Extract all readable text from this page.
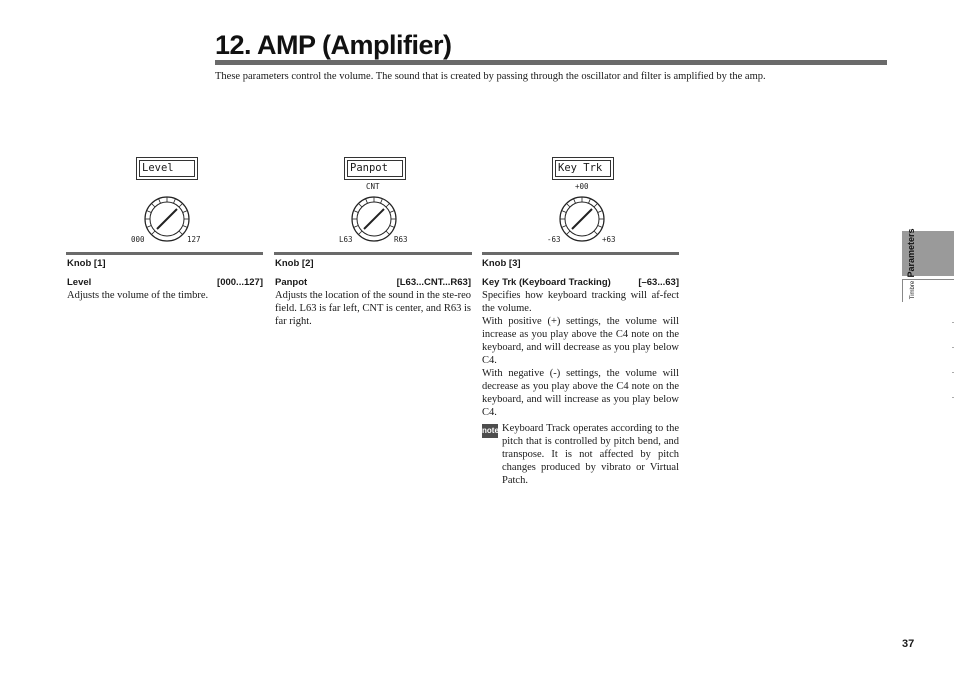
12. AMP (Amplifier)
These parameters control the volume. The sound that is created by passing through the oscillator and filter is amplified by the amp.
Level
000	127
Knob [1]
Level	[000...127]

Adjusts the volume of the timbre.

Panpot
CNT
L63	R63
Knob [2]
Panpot	[L63...CNT...R63]

Adjusts the location of the sound in the ste-reo field. L63 is far left, CNT is center, and R63 is far right.

Key Trk
+00
-63	+63
Knob [3]
Key Trk (Keyboard Tracking)	[–63...63]

Specifies how keyboard tracking will af-fect the volume.

With positive (+) settings, the volume will increase as you play above the C4 note on the keyboard, and will decrease as you play below C4.

With negative (-) settings, the volume will decrease as you play above the C4 note on the keyboard, and will increase as you play below C4.

note Keyboard Track operates according to the pitch that is controlled by pitch bend, and transpose. It is not affected by pitch changes produced by vibrato or Virtual Patch.
Parameters
Timbre
37
